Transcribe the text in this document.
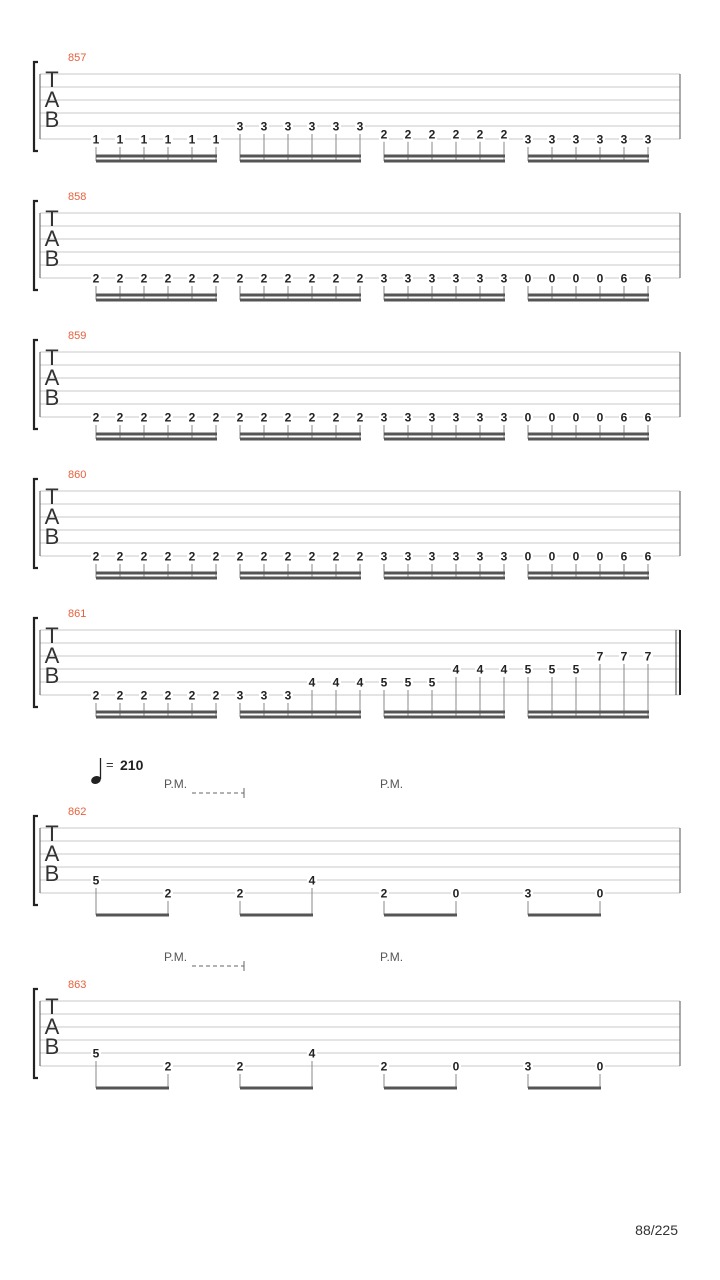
857
T
A
B
1 1 1 1 1 1
3 3 3 3 3 3
2 2 2 2 2 2 3 3 3 3 3 3
858
T
A
B
2 2 2 2 2 2 2 2 2 2 2 2 3 3 3 3 3 3 0 0 0 0 6 6
859
T
A
B
2 2 2 2 2 2 2 2 2 2 2 2 3 3 3 3 3 3 0 0 0 0 6 6
860
T
A
B
2 2 2 2 2 2 2 2 2 2 2 2 3 3 3 3 3 3 0 0 0 0 6 6
861
T
A
B
2 2 2 2 2 2 3 3 3
4 4 4 5 5 5
4 4 4 5 5 5
7 7 7
862
T
A
B
= 210
P.M.	P.M.
5
2	2
4
2	0	3	0
863
T
A
B
P.M.	P.M.
5
2	2
4
2	0	3	0
88/225
